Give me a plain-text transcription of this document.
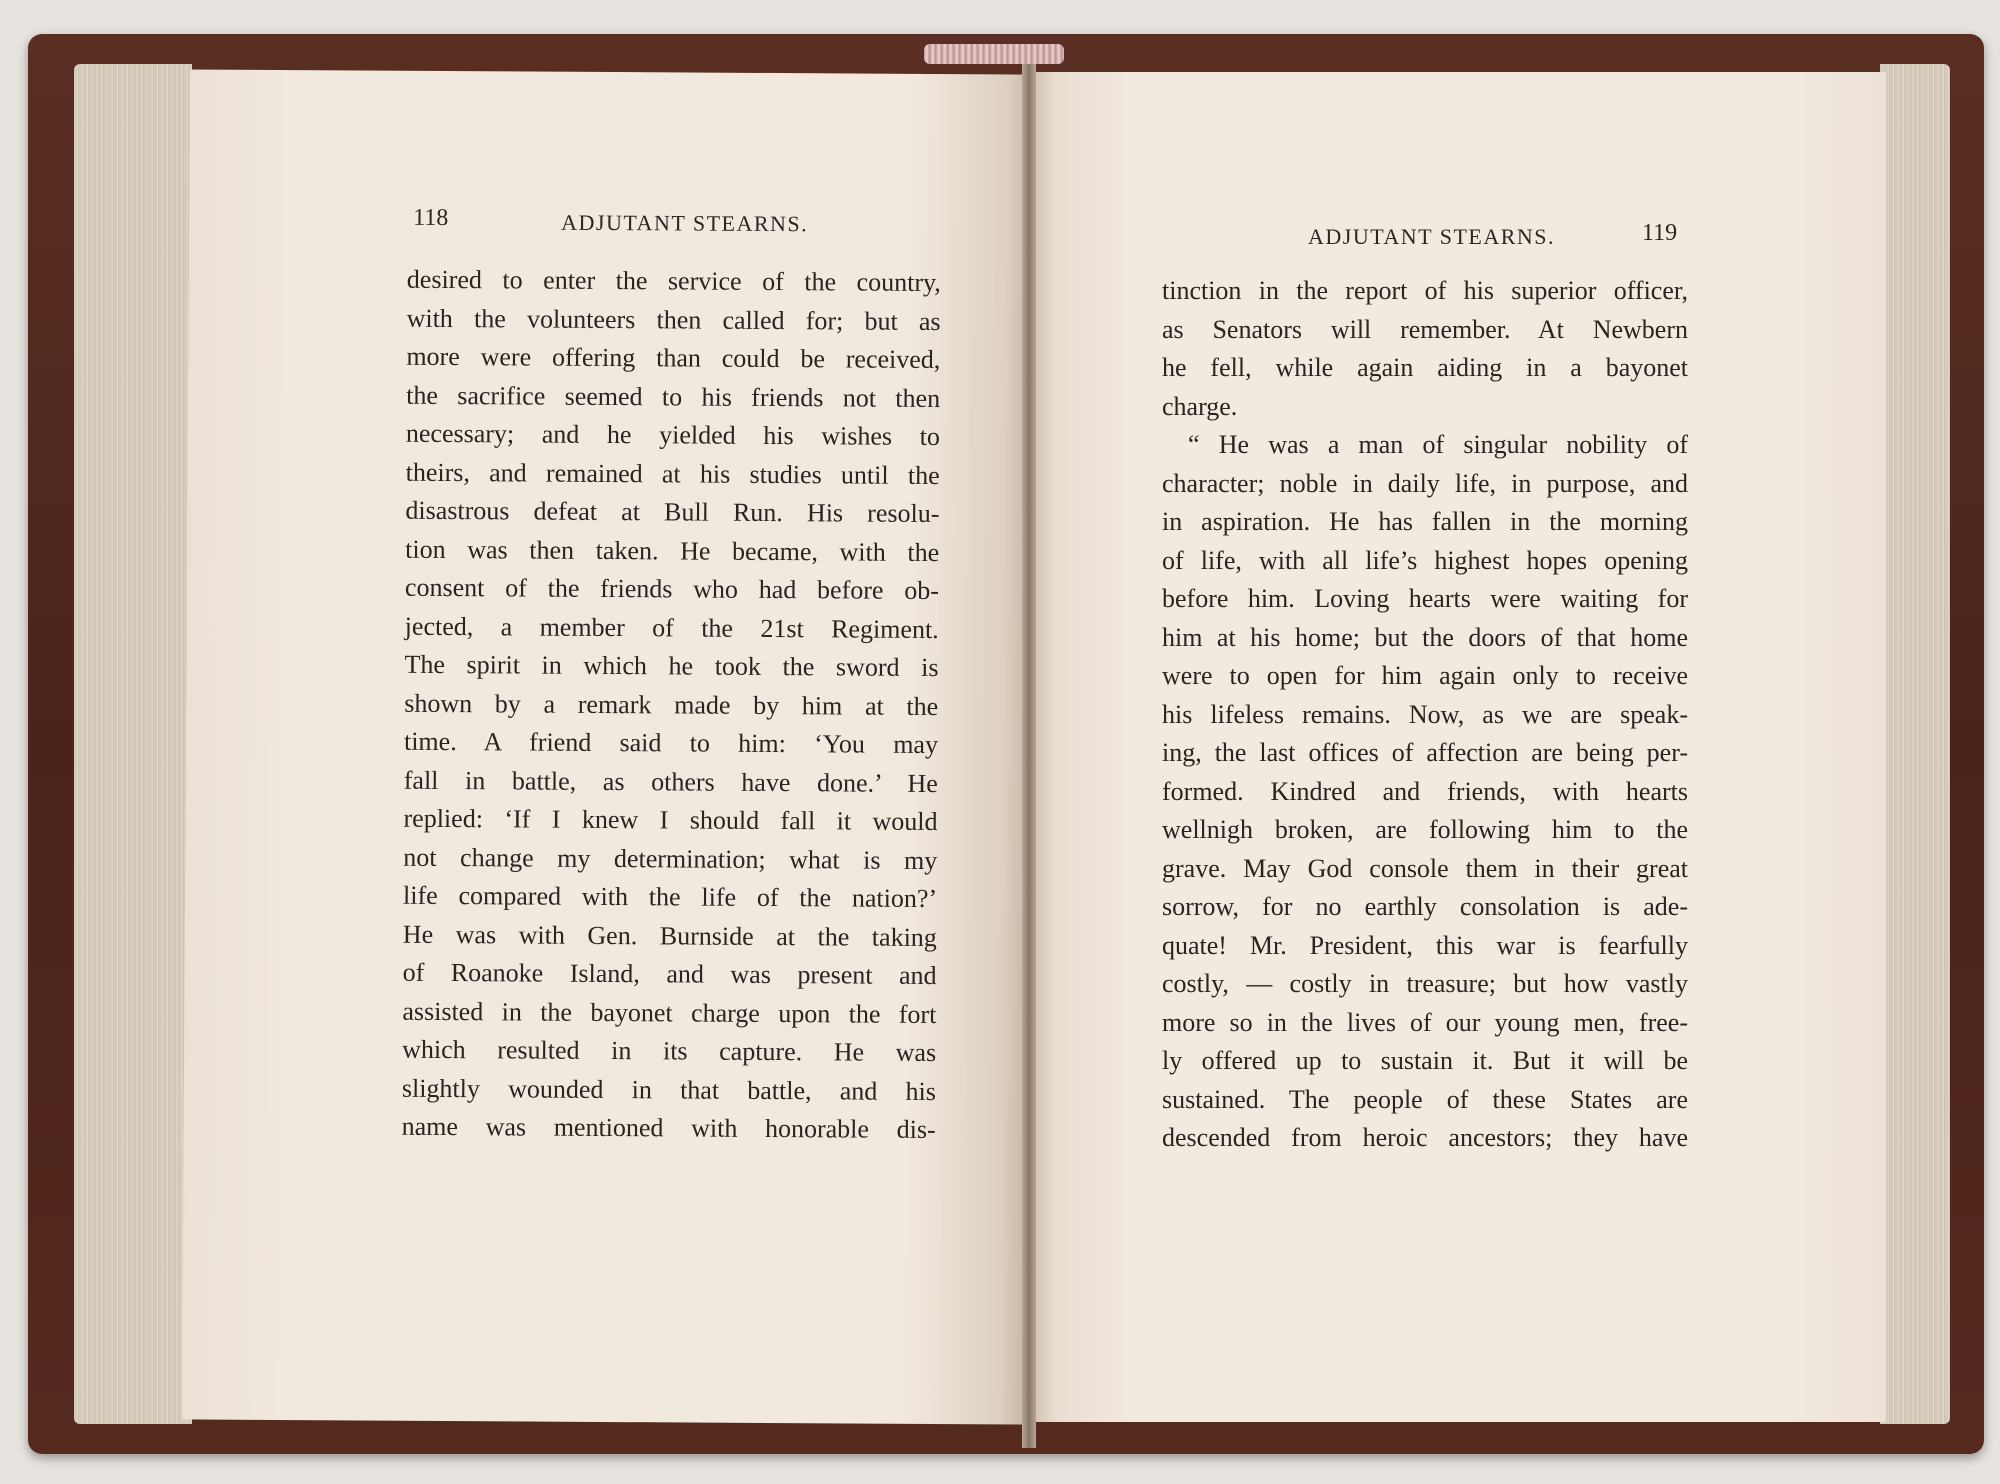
118	ADJUTANT STEARNS.
desired to enter the service of the country,
with the volunteers then called for; but as
more were offering than could be received,
the sacrifice seemed to his friends not then
necessary; and he yielded his wishes to
theirs, and remained at his studies until the
disastrous defeat at Bull Run. His resolu-
tion was then taken. He became, with the
consent of the friends who had before ob-
jected, a member of the 21st Regiment.
The spirit in which he took the sword is
shown by a remark made by him at the
time. A friend said to him: ‘You may
fall in battle, as others have done.’ He
replied: ‘If I knew I should fall it would
not change my determination; what is my
life compared with the life of the nation?’
He was with Gen. Burnside at the taking
of Roanoke Island, and was present and
assisted in the bayonet charge upon the fort
which resulted in its capture. He was
slightly wounded in that battle, and his
name was mentioned with honorable dis-
ADJUTANT STEARNS.	119
tinction in the report of his superior officer,
as Senators will remember. At Newbern
he fell, while again aiding in a bayonet
charge.
“ He was a man of singular nobility of
character; noble in daily life, in purpose, and
in aspiration. He has fallen in the morning
of life, with all life’s highest hopes opening
before him. Loving hearts were waiting for
him at his home; but the doors of that home
were to open for him again only to receive
his lifeless remains. Now, as we are speak-
ing, the last offices of affection are being per-
formed. Kindred and friends, with hearts
wellnigh broken, are following him to the
grave. May God console them in their great
sorrow, for no earthly consolation is ade-
quate! Mr. President, this war is fearfully
costly, — costly in treasure; but how vastly
more so in the lives of our young men, free-
ly offered up to sustain it. But it will be
sustained. The people of these States are
descended from heroic ancestors; they have
